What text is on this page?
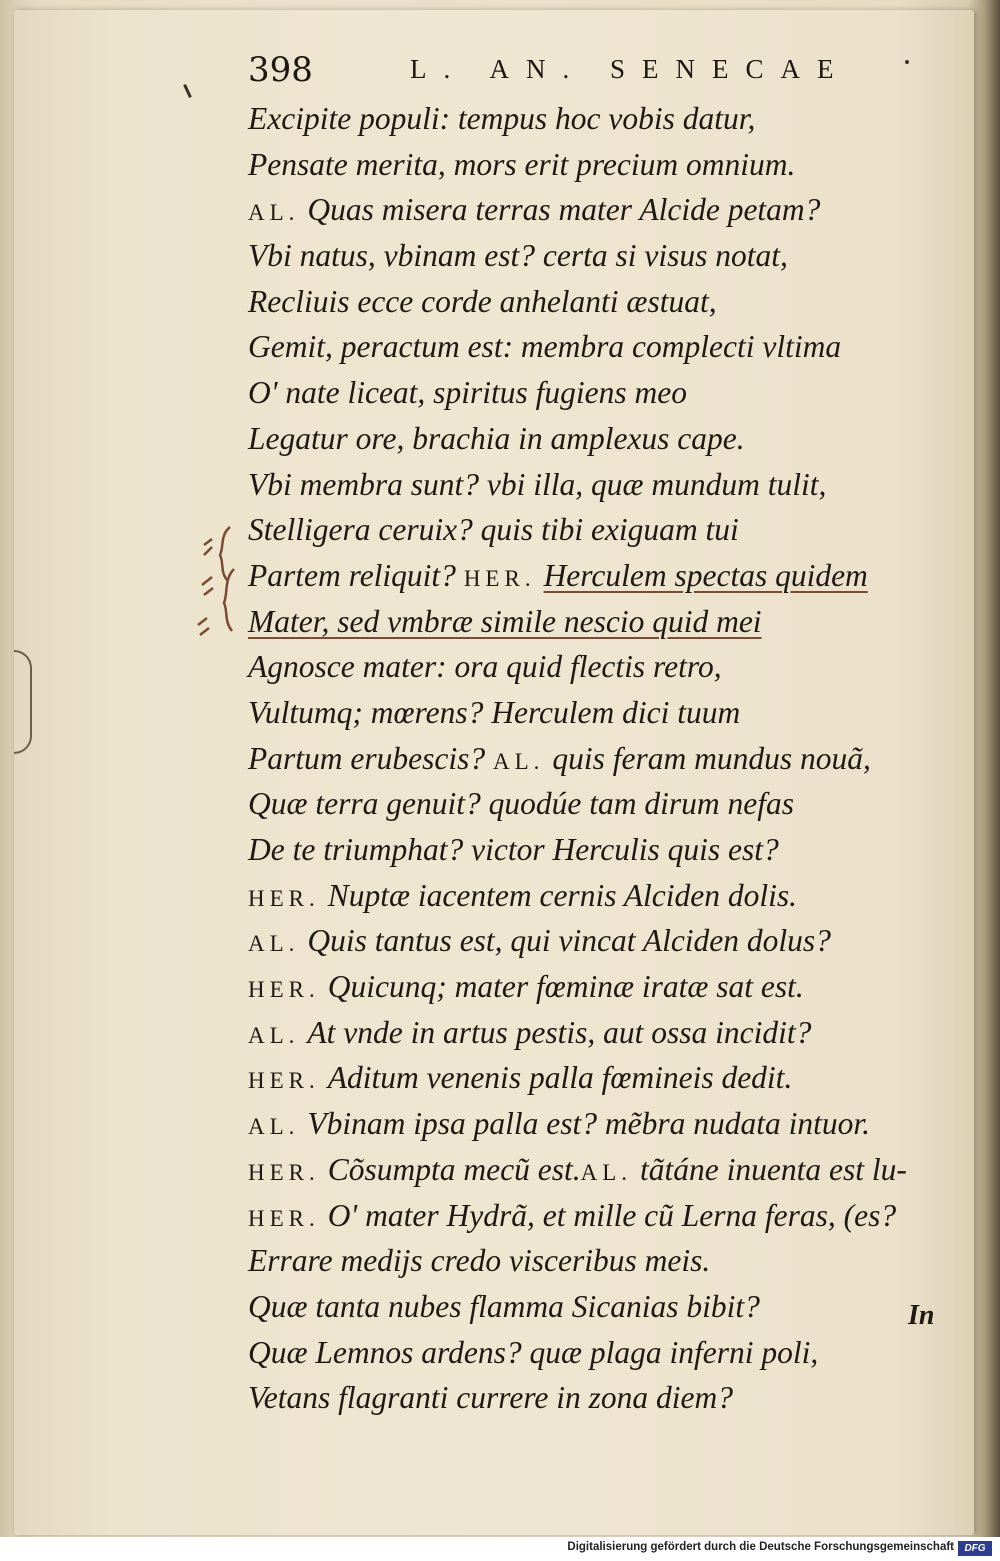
398	L. AN. SENECAE
Excipite populi: tempus hoc vobis datur,
Pensate merita, mors erit precium omnium.
AL. Quas misera terras mater Alcide petam?
Vbi natus, vbinam est? certa si visus notat,
Recliuis ecce corde anhelanti æstuat,
Gemit, peractum est: membra complecti vltima
O' nate liceat, spiritus fugiens meo
Legatur ore, brachia in amplexus cape.
Vbi membra sunt? vbi illa, quæ mundum tulit,
Stelligera ceruix? quis tibi exiguam tui
Partem reliquit? HER. Herculem spectas quidem
Mater, sed vmbræ simile nescio quid mei
Agnosce mater: ora quid flectis retro,
Vultumq; mœrens? Herculem dici tuum
Partum erubescis? AL. quis feram mundus nouã,
Quæ terra genuit? quodúe tam dirum nefas
De te triumphat? victor Herculis quis est?
HER. Nuptæ iacentem cernis Alciden dolis.
AL. Quis tantus est, qui vincat Alciden dolus?
HER. Quicunq; mater fœminæ iratæ sat est.
AL. At vnde in artus pestis, aut ossa incidit?
HER. Aditum venenis palla fœmineis dedit.
AL. Vbinam ipsa palla est? mẽbra nudata intuor.
HER. Cõsumpta mecũ est.AL. tãtáne inuenta est lu-
HER. O' mater Hydrã, et mille cũ Lerna feras, (es?
Errare medijs credo visceribus meis.
Quæ tanta nubes flamma Sicanias bibit?
Quæ Lemnos ardens? quæ plaga inferni poli,
Vetans flagranti currere in zona diem?
In
Digitalisierung gefördert durch die Deutsche Forschungsgemeinschaft	DFG
